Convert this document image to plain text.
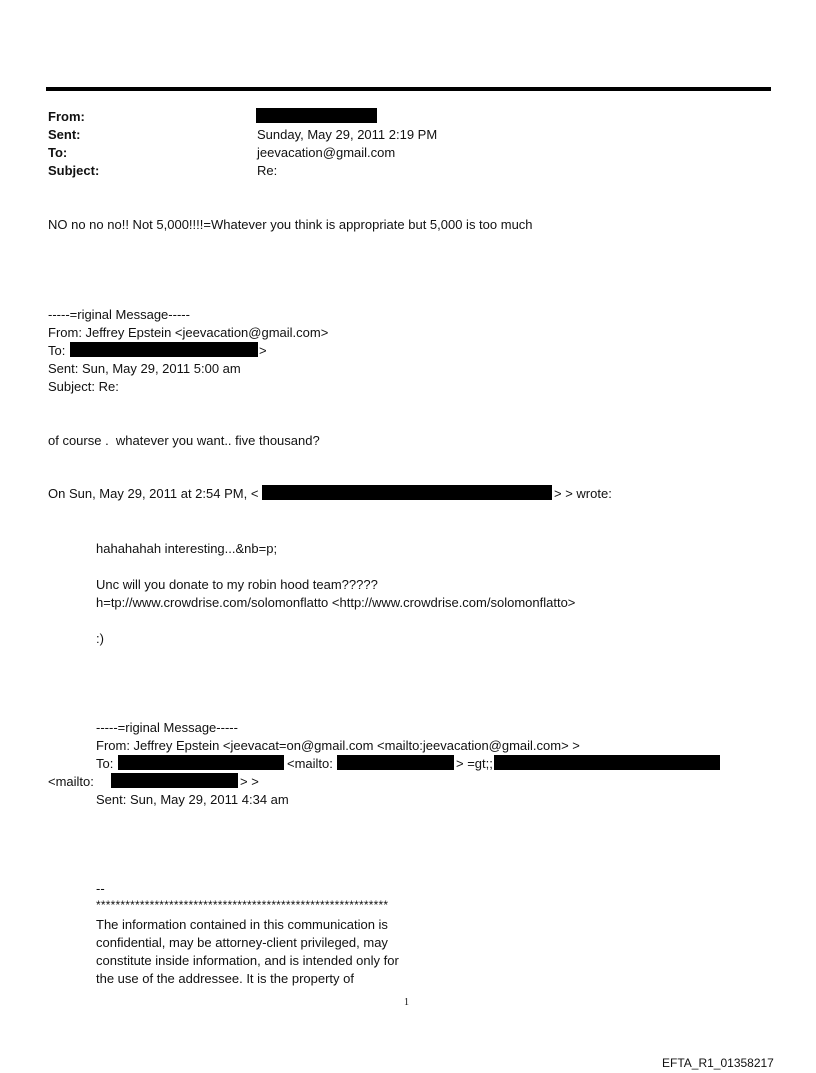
From:
Sent:	Sunday, May 29, 2011 2:19 PM
To:	jeevacation@gmail.com
Subject:	Re:
NO no no no!! Not 5,000!!!!=Whatever you think is appropriate but 5,000 is too much
-----=riginal Message-----
From: Jeffrey Epstein <jeevacation@gmail.com>
To:	>
Sent: Sun, May 29, 2011 5:00 am
Subject: Re:
of course .  whatever you want.. five thousand?
On Sun, May 29, 2011 at 2:54 PM, <	> > wrote:
hahahahah interesting...&nb=p;
Unc will you donate to my robin hood team?????
h=tp://www.crowdrise.com/solomonflatto <http://www.crowdrise.com/solomonflatto>
:)
-----=riginal Message-----
From: Jeffrey Epstein <jeevacat=on@gmail.com <mailto:jeevacation@gmail.com> >
To:	<mailto:	> =gt;;
<mailto:	> >
Sent: Sun, May 29, 2011 4:34 am
--
************************************************************
The information contained in this communication is
confidential, may be attorney-client privileged, may
constitute inside information, and is intended only for
the use of the addressee. It is the property of
1
EFTA_R1_01358217
